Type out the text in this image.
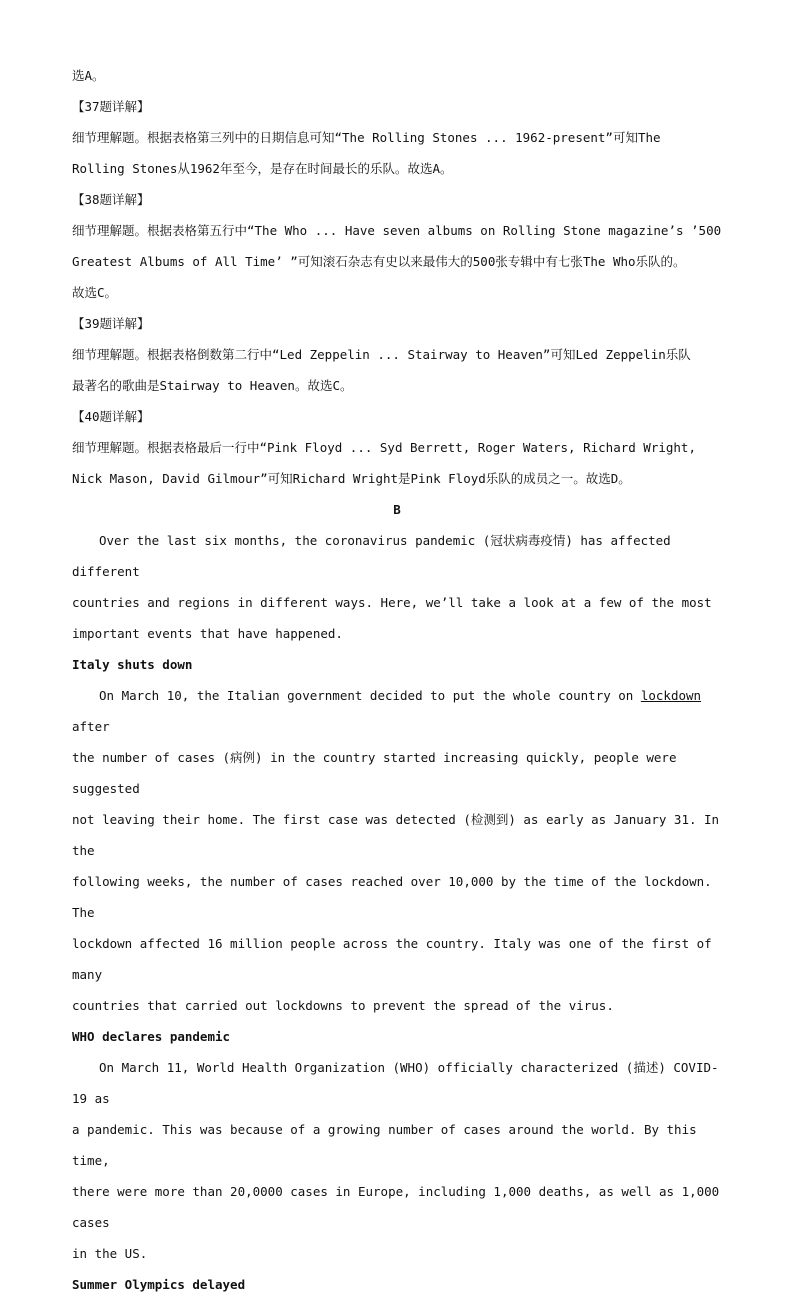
选A。

【37题详解】

细节理解题。根据表格第三列中的日期信息可知“The Rolling Stones ... 1962-present”可知The

Rolling Stones从1962年至今，是存在时间最长的乐队。故选A。

【38题详解】

细节理解题。根据表格第五行中“The Who ... Have seven albums on Rolling Stone magazine’s ’500

Greatest Albums of All Time’ ”可知滚石杂志有史以来最伟大的500张专辑中有七张The Who乐队的。

故选C。

【39题详解】

细节理解题。根据表格倒数第二行中“Led Zeppelin ... Stairway to Heaven”可知Led Zeppelin乐队

最著名的歌曲是Stairway to Heaven。故选C。

【40题详解】

细节理解题。根据表格最后一行中“Pink Floyd ... Syd Berrett, Roger Waters, Richard Wright,

Nick Mason, David Gilmour”可知Richard Wright是Pink Floyd乐队的成员之一。故选D。

B

Over the last six months, the coronavirus pandemic (冠状病毒疫情) has affected different

countries and regions in different ways. Here, we’ll take a look at a few of the most

important events that have happened.

Italy shuts down

On March 10, the Italian government decided to put the whole country on lockdown after

the number of cases (病例) in the country started increasing quickly, people were suggested

not leaving their home. The first case was detected (检测到) as early as January 31. In the

following weeks, the number of cases reached over 10,000 by the time of the lockdown. The

lockdown affected 16 million people across the country. Italy was one of the first of many

countries that carried out lockdowns to prevent the spread of the virus.

WHO declares pandemic

On March 11, World Health Organization (WHO) officially characterized (描述) COVID-19 as

a pandemic. This was because of a growing number of cases around the world. By this time,

there were more than 20,0000 cases in Europe, including 1,000 deaths, as well as 1,000 cases

in the US.

Summer Olympics delayed
